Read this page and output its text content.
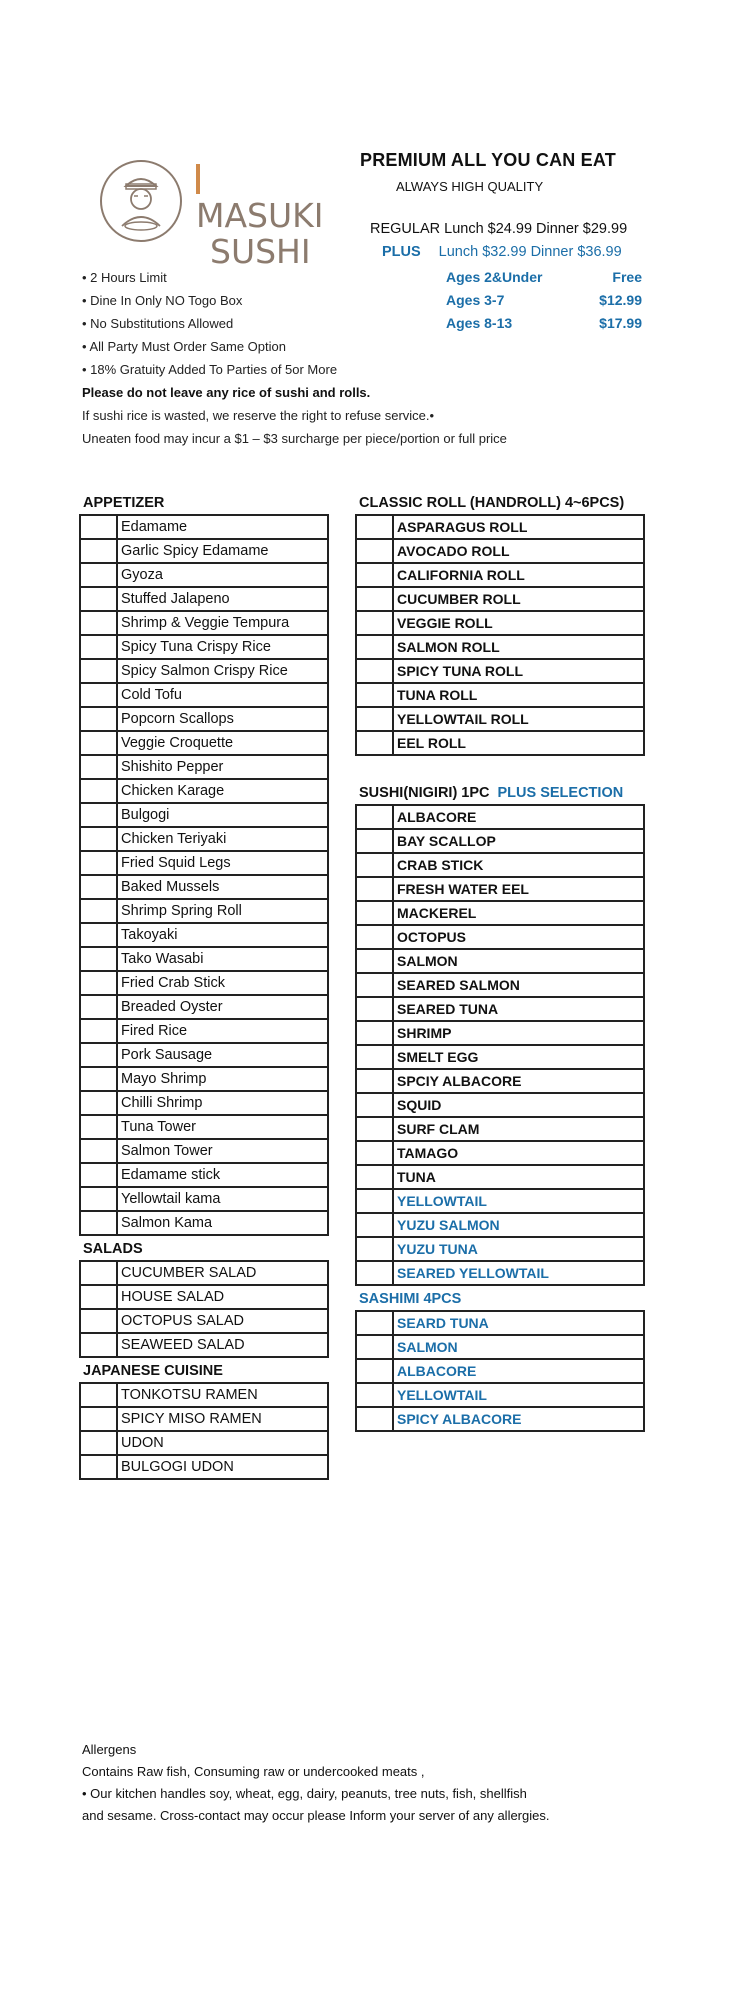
MASUKI
SUSHI
PREMIUM ALL YOU CAN EAT
ALWAYS HIGH QUALITY
REGULAR Lunch $24.99 Dinner $29.99
PLUS Lunch $32.99 Dinner $36.99
• 2 Hours Limit
• Dine In Only NO Togo Box
• No Substitutions Allowed
• All Party Must Order Same Option
• 18% Gratuity Added To Parties of 5or More
Ages 2&Under	Free
Ages 3-7	$12.99
Ages 8-13	$17.99
Please do not leave any rice of sushi and rolls.
If sushi rice is wasted, we reserve the right to refuse service.•
Uneaten food may incur a $1 – $3 surcharge per piece/portion or full price
APPETIZER
Edamame
Garlic Spicy Edamame
Gyoza
Stuffed Jalapeno
Shrimp & Veggie Tempura
Spicy Tuna Crispy Rice
Spicy Salmon Crispy Rice
Cold Tofu
Popcorn Scallops
Veggie Croquette
Shishito Pepper
Chicken Karage
Bulgogi
Chicken Teriyaki
Fried Squid Legs
Baked Mussels
Shrimp Spring Roll
Takoyaki
Tako Wasabi
Fried Crab Stick
Breaded Oyster
Fired Rice
Pork Sausage
Mayo Shrimp
Chilli Shrimp
Tuna Tower
Salmon Tower
Edamame stick
Yellowtail kama
Salmon Kama
SALADS
CUCUMBER SALAD
HOUSE SALAD
OCTOPUS SALAD
SEAWEED SALAD
JAPANESE CUISINE
TONKOTSU RAMEN
SPICY MISO RAMEN
UDON
BULGOGI UDON
CLASSIC ROLL (HANDROLL) 4~6PCS)
ASPARAGUS ROLL
AVOCADO ROLL
CALIFORNIA ROLL
CUCUMBER ROLL
VEGGIE ROLL
SALMON ROLL
SPICY TUNA ROLL
TUNA ROLL
YELLOWTAIL ROLL
EEL ROLL
SUSHI(NIGIRI) 1PC PLUS SELECTION
ALBACORE
BAY SCALLOP
CRAB STICK
FRESH WATER EEL
MACKEREL
OCTOPUS
SALMON
SEARED SALMON
SEARED TUNA
SHRIMP
SMELT EGG
SPCIY ALBACORE
SQUID
SURF CLAM
TAMAGO
TUNA
YELLOWTAIL
YUZU SALMON
YUZU TUNA
SEARED YELLOWTAIL
SASHIMI 4PCS
SEARD TUNA
SALMON
ALBACORE
YELLOWTAIL
SPICY ALBACORE
Allergens
Contains Raw fish, Consuming raw or undercooked meats ,
• Our kitchen handles soy, wheat, egg, dairy, peanuts, tree nuts, fish, shellfish
and sesame. Cross-contact may occur please Inform your server of any allergies.
